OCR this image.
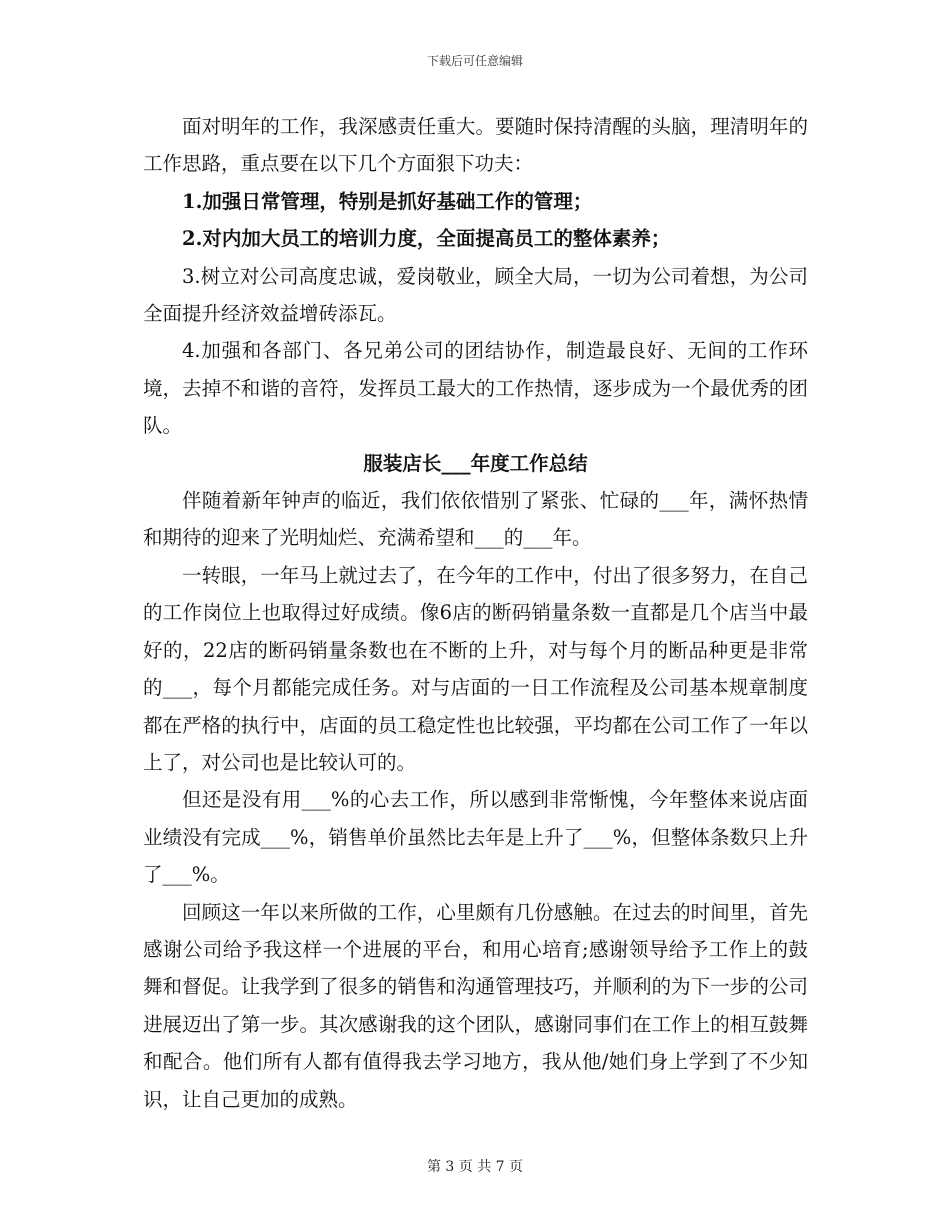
下载后可任意编辑

面对明年的工作，我深感责任重大。要随时保持清醒的头脑，理清明年的工作思路，重点要在以下几个方面狠下功夫：

1.加强日常管理，特别是抓好基础工作的管理；

2.对内加大员工的培训力度，全面提高员工的整体素养；

3.树立对公司高度忠诚，爱岗敬业，顾全大局，一切为公司着想，为公司全面提升经济效益增砖添瓦。

4.加强和各部门、各兄弟公司的团结协作，制造最良好、无间的工作环境，去掉不和谐的音符，发挥员工最大的工作热情，逐步成为一个最优秀的团队。

服装店长___年度工作总结

伴随着新年钟声的临近，我们依依惜别了紧张、忙碌的___年，满怀热情和期待的迎来了光明灿烂、充满希望和___的___年。

一转眼，一年马上就过去了，在今年的工作中，付出了很多努力，在自己的工作岗位上也取得过好成绩。像6店的断码销量条数一直都是几个店当中最好的，22店的断码销量条数也在不断的上升，对与每个月的断品种更是非常的___，每个月都能完成任务。对与店面的一日工作流程及公司基本规章制度都在严格的执行中，店面的员工稳定性也比较强，平均都在公司工作了一年以上了，对公司也是比较认可的。

但还是没有用___%的心去工作，所以感到非常惭愧，今年整体来说店面业绩没有完成___%，销售单价虽然比去年是上升了___%，但整体条数只上升了___%。

回顾这一年以来所做的工作，心里颇有几份感触。在过去的时间里，首先感谢公司给予我这样一个进展的平台，和用心培育;感谢领导给予工作上的鼓舞和督促。让我学到了很多的销售和沟通管理技巧，并顺利的为下一步的公司进展迈出了第一步。其次感谢我的这个团队，感谢同事们在工作上的相互鼓舞和配合。他们所有人都有值得我去学习地方，我从他/她们身上学到了不少知识，让自己更加的成熟。

第 3 页 共 7 页
